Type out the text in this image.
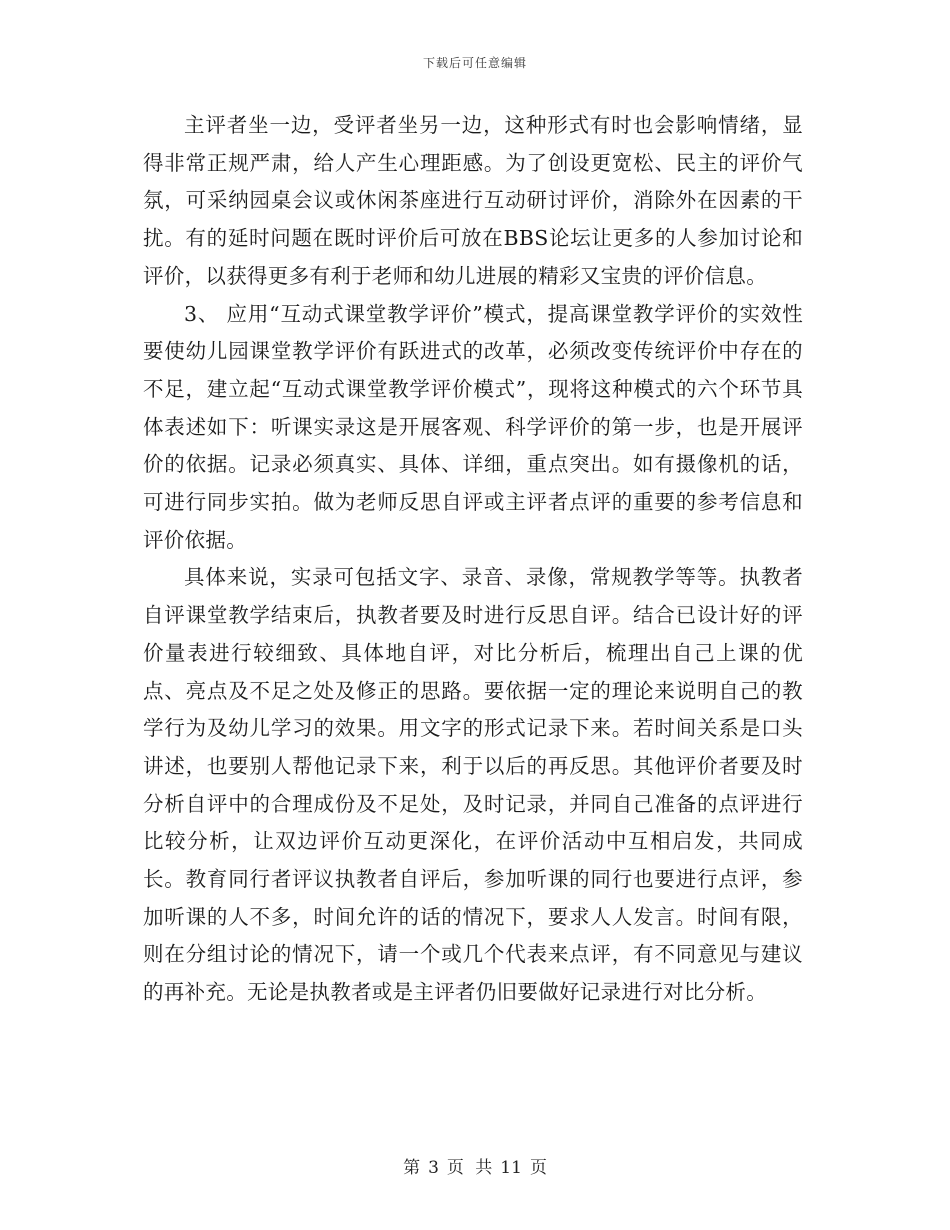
下载后可任意编辑

主评者坐一边，受评者坐另一边，这种形式有时也会影响情绪，显得非常正规严肃，给人产生心理距感。为了创设更宽松、民主的评价气氛，可采纳园桌会议或休闲茶座进行互动研讨评价，消除外在因素的干扰。有的延时问题在既时评价后可放在BBS论坛让更多的人参加讨论和评价，以获得更多有利于老师和幼儿进展的精彩又宝贵的评价信息。

3、 应用“互动式课堂教学评价”模式，提高课堂教学评价的实效性要使幼儿园课堂教学评价有跃进式的改革，必须改变传统评价中存在的不足，建立起“互动式课堂教学评价模式”，现将这种模式的六个环节具体表述如下：听课实录这是开展客观、科学评价的第一步，也是开展评价的依据。记录必须真实、具体、详细，重点突出。如有摄像机的话，可进行同步实拍。做为老师反思自评或主评者点评的重要的参考信息和评价依据。

具体来说，实录可包括文字、录音、录像，常规教学等等。执教者自评课堂教学结束后，执教者要及时进行反思自评。结合已设计好的评价量表进行较细致、具体地自评，对比分析后，梳理出自己上课的优点、亮点及不足之处及修正的思路。要依据一定的理论来说明自己的教学行为及幼儿学习的效果。用文字的形式记录下来。若时间关系是口头讲述，也要别人帮他记录下来，利于以后的再反思。其他评价者要及时分析自评中的合理成份及不足处，及时记录，并同自己准备的点评进行比较分析，让双边评价互动更深化，在评价活动中互相启发，共同成长。教育同行者评议执教者自评后，参加听课的同行也要进行点评，参加听课的人不多，时间允许的话的情况下，要求人人发言。时间有限，则在分组讨论的情况下，请一个或几个代表来点评，有不同意见与建议的再补充。无论是执教者或是主评者仍旧要做好记录进行对比分析。

第 3 页 共 11 页
